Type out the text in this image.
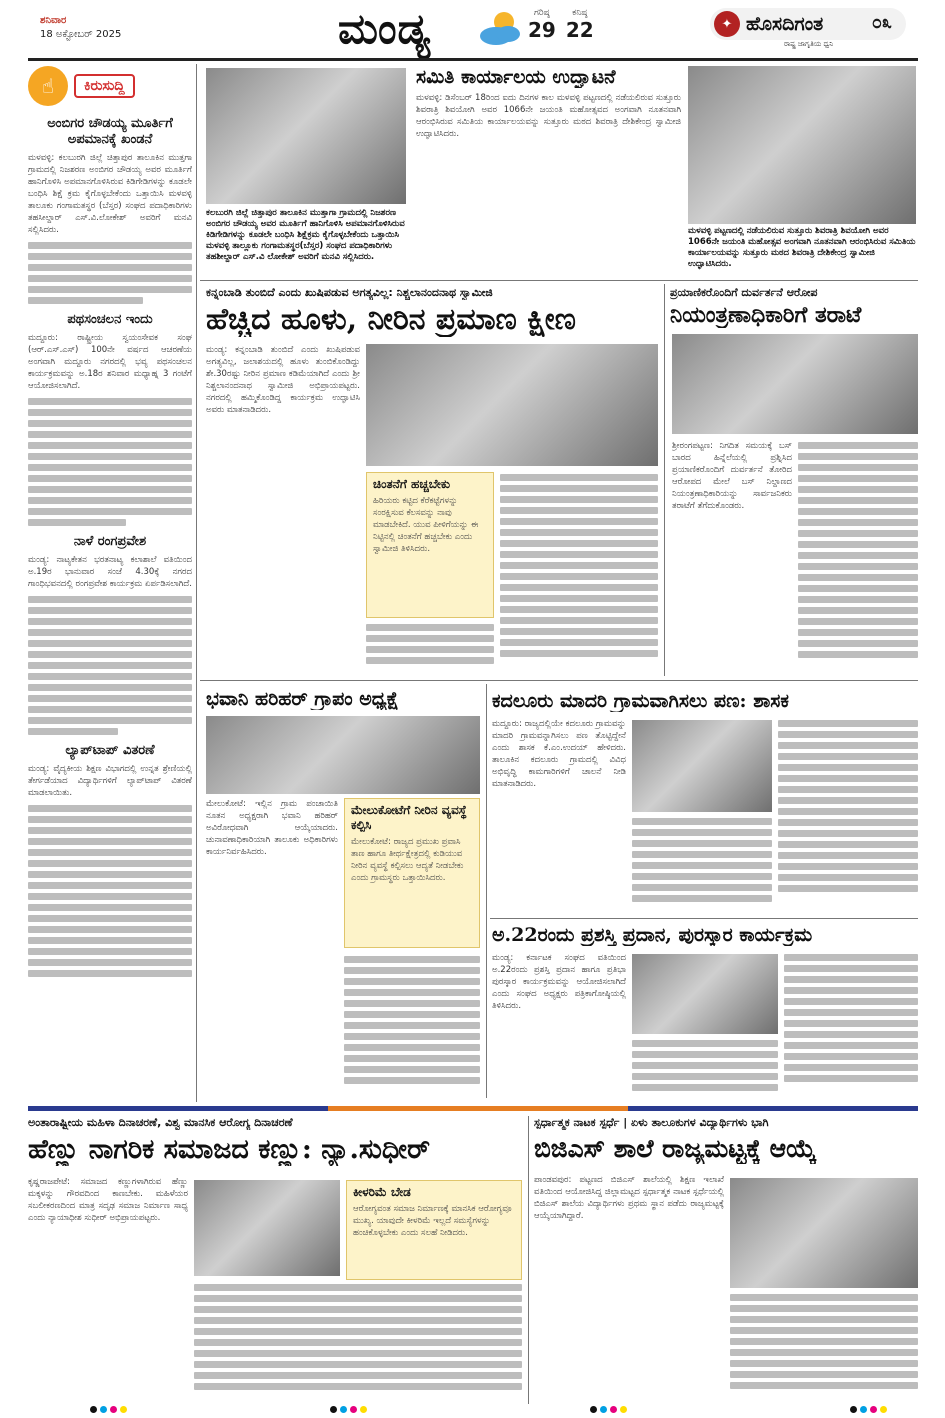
ಶನಿವಾರ
18 ಅಕ್ಟೋಬರ್ 2025	ಮಂಡ್ಯ	ಗರಿಷ್ಠ
29
ಕನಿಷ್ಠ
22	✦ ಹೊಸದಿಗಂತ	೦೩
ರಾಷ್ಟ್ರ ಜಾಗೃತಿಯ ಧ್ವನಿ
☝	ಕಿರುಸುದ್ದಿ
ಅಂಬಿಗರ ಚೌಡಯ್ಯ ಮೂರ್ತಿಗೆ ಅಪಮಾನಕ್ಕೆ ಖಂಡನೆ
ಮಳವಳ್ಳಿ: ಕಲಬುರಗಿ ಜಿಲ್ಲೆ ಚಿತ್ತಾಪುರ ತಾಲೂಕಿನ ಮುತ್ತಗಾ ಗ್ರಾಮದಲ್ಲಿ ನಿಜಶರಣ ಅಂಬಿಗರ ಚೌಡಯ್ಯ ಅವರ ಮೂರ್ತಿಗೆ ಹಾನಿಗೊಳಿಸಿ ಅಪಮಾನಗೊಳಿಸಿರುವ ಕಿಡಿಗೇಡಿಗಳನ್ನು ಕೂಡಲೇ ಬಂಧಿಸಿ ಶಿಕ್ಷೆ ಕ್ರಮ ಕೈಗೊಳ್ಳಬೇಕೆಂದು ಒತ್ತಾಯಿಸಿ ಮಳವಳ್ಳಿ ತಾಲೂಕು ಗಂಗಾಮತಸ್ಥರ (ಬೆಸ್ತರ) ಸಂಘದ ಪದಾಧಿಕಾರಿಗಳು ತಹಸೀಲ್ದಾರ್ ಎಸ್.ವಿ.ಲೋಕೇಶ್ ಅವರಿಗೆ ಮನವಿ ಸಲ್ಲಿಸಿದರು.
ಪಥಸಂಚಲನ ಇಂದು
ಮದ್ದೂರು: ರಾಷ್ಟ್ರೀಯ ಸ್ವಯಂಸೇವಕ ಸಂಘ (ಆರ್.ಎಸ್.ಎಸ್) 100ನೇ ವರ್ಷದ ಆಚರಣೆಯ ಅಂಗವಾಗಿ ಮದ್ದೂರು ನಗರದಲ್ಲಿ ಭವ್ಯ ಪಥಸಂಚಲನ ಕಾರ್ಯಕ್ರಮವನ್ನು ಅ.18ರ ಶನಿವಾರ ಮಧ್ಯಾಹ್ನ 3 ಗಂಟೆಗೆ ಆಯೋಜಿಸಲಾಗಿದೆ.
ನಾಳೆ ರಂಗಪ್ರವೇಶ
ಮಂಡ್ಯ: ನಾಟ್ಯಕೇತನ ಭರತನಾಟ್ಯ ಕಲಾಶಾಲೆ ವತಿಯಿಂದ ಅ.19ರ ಭಾನುವಾರ ಸಂಜೆ 4.30ಕ್ಕೆ ನಗರದ ಗಾಂಧಿಭವನದಲ್ಲಿ ರಂಗಪ್ರವೇಶ ಕಾರ್ಯಕ್ರಮ ಏರ್ಪಡಿಸಲಾಗಿದೆ.
ಲ್ಯಾಪ್‌ಟಾಪ್ ವಿತರಣೆ
ಮಂಡ್ಯ: ವೈದ್ಯಕೀಯ ಶಿಕ್ಷಣ ವಿಭಾಗದಲ್ಲಿ ಉನ್ನತ ಶ್ರೇಣಿಯಲ್ಲಿ ತೇರ್ಗಡೆಯಾದ ವಿದ್ಯಾರ್ಥಿಗಳಿಗೆ ಲ್ಯಾಪ್‌ಟಾಪ್ ವಿತರಣೆ ಮಾಡಲಾಯಿತು.
ಕಲಬುರಗಿ ಜಿಲ್ಲೆ ಚಿತ್ತಾಪುರ ತಾಲೂಕಿನ ಮುತ್ತಾಗಾ ಗ್ರಾಮದಲ್ಲಿ ನಿಜಶರಣ ಅಂಬಿಗರ ಚೌಡಯ್ಯ ಅವರ ಮೂರ್ತಿಗೆ ಹಾನಿಗೊಳಿಸಿ ಅಪಮಾನಗೊಳಿಸಿರುವ ಕಿಡಿಗೇಡಿಗಳನ್ನು ಕೂಡಲೇ ಬಂಧಿಸಿ ಶಿಕ್ಷೆಕ್ರಮ ಕೈಗೊಳ್ಳಬೇಕೆಂದು ಒತ್ತಾಯಿಸಿ ಮಳವಳ್ಳಿ ತಾಲ್ಲೂಕು ಗಂಗಾಮತಸ್ಥರ(ಬೆಸ್ತರ) ಸಂಘದ ಪದಾಧಿಕಾರಿಗಳು ತಹಶೀಲ್ದಾರ್ ಎಸ್.ವಿ ಲೋಕೇಶ್ ಅವರಿಗೆ ಮನವಿ ಸಲ್ಲಿಸಿದರು.
ಸಮಿತಿ ಕಾರ್ಯಾಲಯ ಉದ್ಘಾಟನೆ
ಮಳವಳ್ಳಿ: ಡಿಸೆಂಬರ್ 18ರಿಂದ ಐದು ದಿನಗಳ ಕಾಲ ಮಳವಳ್ಳಿ ಪಟ್ಟಣದಲ್ಲಿ ನಡೆಯಲಿರುವ ಸುತ್ತೂರು ಶಿವರಾತ್ರಿ ಶಿವಯೋಗಿ ಅವರ 1066ನೇ ಜಯಂತಿ ಮಹೋತ್ಸವದ ಅಂಗವಾಗಿ ನೂತನವಾಗಿ ಆರಂಭಿಸಿರುವ ಸಮಿತಿಯ ಕಾರ್ಯಾಲಯವನ್ನು ಸುತ್ತೂರು ಮಠದ ಶಿವರಾತ್ರಿ ದೇಶಿಕೇಂದ್ರ ಸ್ವಾಮೀಜಿ ಉದ್ಘಾಟಿಸಿದರು.
ಮಳವಳ್ಳಿ ಪಟ್ಟಣದಲ್ಲಿ ನಡೆಯಲಿರುವ ಸುತ್ತೂರು ಶಿವರಾತ್ರಿ ಶಿವಯೋಗಿ ಅವರ 1066ನೇ ಜಯಂತಿ ಮಹೋತ್ಸವ ಅಂಗವಾಗಿ ನೂತನವಾಗಿ ಆರಂಭಿಸಿರುವ ಸಮಿತಿಯ ಕಾರ್ಯಾಲಯವನ್ನು ಸುತ್ತೂರು ಮಠದ ಶಿವರಾತ್ರಿ ದೇಶಿಕೇಂದ್ರ ಸ್ವಾಮೀಜಿ ಉದ್ಘಾಟಿಸಿದರು.
ಕನ್ನಂಬಾಡಿ ತುಂಬಿದೆ ಎಂದು ಖುಷಿಪಡುವ ಅಗತ್ಯವಿಲ್ಲ: ನಿಶ್ಚಲಾನಂದನಾಥ ಸ್ವಾಮೀಜಿ
ಹೆಚ್ಚಿದ ಹೂಳು, ನೀರಿನ ಪ್ರಮಾಣ ಕ್ಷೀಣ
ಮಂಡ್ಯ: ಕನ್ನಂಬಾಡಿ ತುಂಬಿದೆ ಎಂದು ಖುಷಿಪಡುವ ಅಗತ್ಯವಿಲ್ಲ, ಜಲಾಶಯದಲ್ಲಿ ಹೂಳು ತುಂಬಿಕೊಂಡಿದ್ದು ಶೇ.30ರಷ್ಟು ನೀರಿನ ಪ್ರಮಾಣ ಕಡಿಮೆಯಾಗಿದೆ ಎಂದು ಶ್ರೀ ನಿಶ್ಚಲಾನಂದನಾಥ ಸ್ವಾಮೀಜಿ ಅಭಿಪ್ರಾಯಪಟ್ಟರು. ನಗರದಲ್ಲಿ ಹಮ್ಮಿಕೊಂಡಿದ್ದ ಕಾರ್ಯಕ್ರಮ ಉದ್ಘಾಟಿಸಿ ಅವರು ಮಾತನಾಡಿದರು.
ಚಿಂತನೆಗೆ ಹಚ್ಚಬೇಕು
ಹಿರಿಯರು ಕಟ್ಟಿದ ಕೆರೆಕಟ್ಟೆಗಳನ್ನು ಸಂರಕ್ಷಿಸುವ ಕೆಲಸವನ್ನು ನಾವು ಮಾಡಬೇಕಿದೆ. ಯುವ ಪೀಳಿಗೆಯನ್ನು ಈ ನಿಟ್ಟಿನಲ್ಲಿ ಚಿಂತನೆಗೆ ಹಚ್ಚಬೇಕು ಎಂದು ಸ್ವಾಮೀಜಿ ತಿಳಿಸಿದರು.
ಪ್ರಯಾಣಿಕರೊಂದಿಗೆ ದುರ್ವರ್ತನೆ ಆರೋಪ
ನಿಯಂತ್ರಣಾಧಿಕಾರಿಗೆ ತರಾಟೆ
ಶ್ರೀರಂಗಪಟ್ಟಣ: ನಿಗದಿತ ಸಮಯಕ್ಕೆ ಬಸ್ ಬಾರದ ಹಿನ್ನೆಲೆಯಲ್ಲಿ ಪ್ರಶ್ನಿಸಿದ ಪ್ರಯಾಣಿಕರೊಂದಿಗೆ ದುರ್ವರ್ತನೆ ತೋರಿದ ಆರೋಪದ ಮೇಲೆ ಬಸ್ ನಿಲ್ದಾಣದ ನಿಯಂತ್ರಣಾಧಿಕಾರಿಯನ್ನು ಸಾರ್ವಜನಿಕರು ತರಾಟೆಗೆ ತೆಗೆದುಕೊಂಡರು.
ಭವಾನಿ ಹರಿಹರ್ ಗ್ರಾಪಂ ಅಧ್ಯಕ್ಷೆ
ಮೇಲುಕೋಟೆ: ಇಲ್ಲಿನ ಗ್ರಾಮ ಪಂಚಾಯಿತಿ ನೂತನ ಅಧ್ಯಕ್ಷರಾಗಿ ಭವಾನಿ ಹರಿಹರ್ ಅವಿರೋಧವಾಗಿ ಆಯ್ಕೆಯಾದರು. ಚುನಾವಣಾಧಿಕಾರಿಯಾಗಿ ತಾಲೂಕು ಅಧಿಕಾರಿಗಳು ಕಾರ್ಯನಿರ್ವಹಿಸಿದರು.
ಮೇಲುಕೋಟೆಗೆ ನೀರಿನ ವ್ಯವಸ್ಥೆ ಕಲ್ಪಿಸಿ
ಮೇಲುಕೋಟೆ: ರಾಜ್ಯದ ಪ್ರಮುಖ ಪ್ರವಾಸಿ ತಾಣ ಹಾಗೂ ತೀರ್ಥಕ್ಷೇತ್ರದಲ್ಲಿ ಕುಡಿಯುವ ನೀರಿನ ವ್ಯವಸ್ಥೆ ಕಲ್ಪಿಸಲು ಆದ್ಯತೆ ನೀಡಬೇಕು ಎಂದು ಗ್ರಾಮಸ್ಥರು ಒತ್ತಾಯಿಸಿದರು.
ಕದಲೂರು ಮಾದರಿ ಗ್ರಾಮವಾಗಿಸಲು ಪಣ: ಶಾಸಕ
ಮದ್ದೂರು: ರಾಜ್ಯದಲ್ಲಿಯೇ ಕದಲೂರು ಗ್ರಾಮವನ್ನು ಮಾದರಿ ಗ್ರಾಮವನ್ನಾಗಿಸಲು ಪಣ ತೊಟ್ಟಿದ್ದೇನೆ ಎಂದು ಶಾಸಕ ಕೆ.ಎಂ.ಉದಯ್ ಹೇಳಿದರು. ತಾಲೂಕಿನ ಕದಲೂರು ಗ್ರಾಮದಲ್ಲಿ ವಿವಿಧ ಅಭಿವೃದ್ಧಿ ಕಾಮಗಾರಿಗಳಿಗೆ ಚಾಲನೆ ನೀಡಿ ಮಾತನಾಡಿದರು.
ಅ.22ರಂದು ಪ್ರಶಸ್ತಿ ಪ್ರದಾನ, ಪುರಸ್ಕಾರ ಕಾರ್ಯಕ್ರಮ
ಮಂಡ್ಯ: ಕರ್ನಾಟಕ ಸಂಘದ ವತಿಯಿಂದ ಅ.22ರಂದು ಪ್ರಶಸ್ತಿ ಪ್ರದಾನ ಹಾಗೂ ಪ್ರತಿಭಾ ಪುರಸ್ಕಾರ ಕಾರ್ಯಕ್ರಮವನ್ನು ಆಯೋಜಿಸಲಾಗಿದೆ ಎಂದು ಸಂಘದ ಅಧ್ಯಕ್ಷರು ಪತ್ರಿಕಾಗೋಷ್ಠಿಯಲ್ಲಿ ತಿಳಿಸಿದರು.
ಅಂತಾರಾಷ್ಟ್ರೀಯ ಮಹಿಳಾ ದಿನಾಚರಣೆ, ವಿಶ್ವ ಮಾನಸಿಕ ಆರೋಗ್ಯ ದಿನಾಚರಣೆ
ಹೆಣ್ಣು ನಾಗರಿಕ ಸಮಾಜದ ಕಣ್ಣು: ನ್ಯಾ.ಸುಧೀರ್
ಕೃಷ್ಣರಾಜಪೇಟೆ: ಸಮಾಜದ ಕಣ್ಣುಗಳಾಗಿರುವ ಹೆಣ್ಣು ಮಕ್ಕಳನ್ನು ಗೌರವದಿಂದ ಕಾಣಬೇಕು. ಮಹಿಳೆಯರ ಸಬಲೀಕರಣದಿಂದ ಮಾತ್ರ ಸದೃಢ ಸಮಾಜ ನಿರ್ಮಾಣ ಸಾಧ್ಯ ಎಂದು ನ್ಯಾಯಾಧೀಶ ಸುಧೀರ್ ಅಭಿಪ್ರಾಯಪಟ್ಟರು.
ಕೀಳರಿಮೆ ಬೇಡ
ಆರೋಗ್ಯವಂತ ಸಮಾಜ ನಿರ್ಮಾಣಕ್ಕೆ ಮಾನಸಿಕ ಆರೋಗ್ಯವೂ ಮುಖ್ಯ. ಯಾವುದೇ ಕೀಳರಿಮೆ ಇಲ್ಲದೆ ಸಮಸ್ಯೆಗಳನ್ನು ಹಂಚಿಕೊಳ್ಳಬೇಕು ಎಂದು ಸಲಹೆ ನೀಡಿದರು.
ಸ್ಪರ್ಧಾತ್ಮಕ ನಾಟಕ ಸ್ಪರ್ಧೆ | ಏಳು ತಾಲೂಕುಗಳ ವಿದ್ಯಾರ್ಥಿಗಳು ಭಾಗಿ
ಬಿಜಿಎಸ್ ಶಾಲೆ ರಾಜ್ಯಮಟ್ಟಕ್ಕೆ ಆಯ್ಕೆ
ಪಾಂಡವಪುರ: ಪಟ್ಟಣದ ಬಿಜಿಎಸ್ ಶಾಲೆಯಲ್ಲಿ ಶಿಕ್ಷಣ ಇಲಾಖೆ ವತಿಯಿಂದ ಆಯೋಜಿಸಿದ್ದ ಜಿಲ್ಲಾಮಟ್ಟದ ಸ್ಪರ್ಧಾತ್ಮಕ ನಾಟಕ ಸ್ಪರ್ಧೆಯಲ್ಲಿ ಬಿಜಿಎಸ್ ಶಾಲೆಯ ವಿದ್ಯಾರ್ಥಿಗಳು ಪ್ರಥಮ ಸ್ಥಾನ ಪಡೆದು ರಾಜ್ಯಮಟ್ಟಕ್ಕೆ ಆಯ್ಕೆಯಾಗಿದ್ದಾರೆ.
